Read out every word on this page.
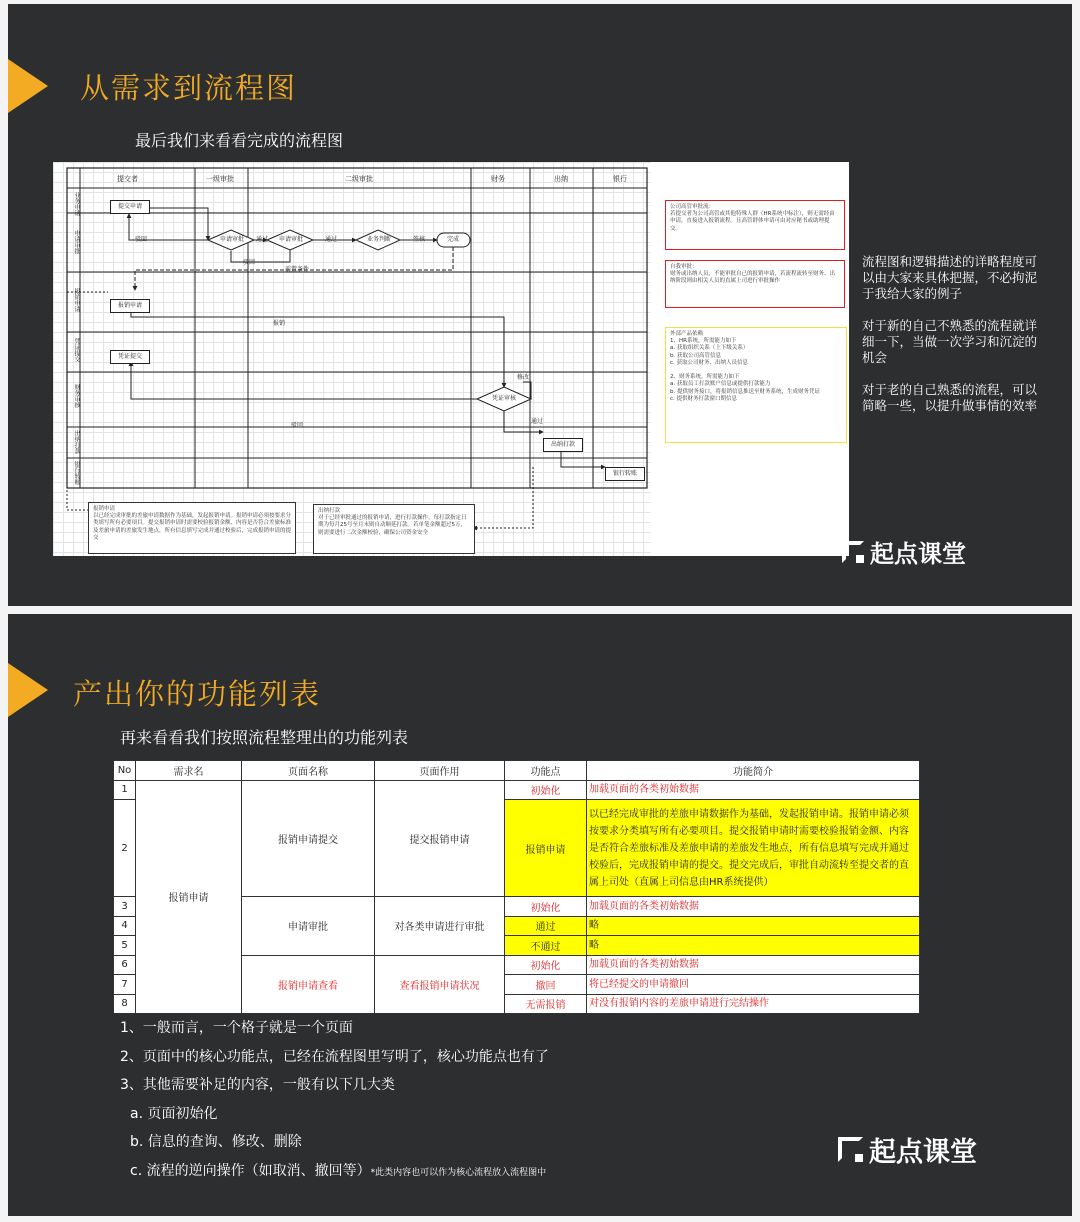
从需求到流程图
最后我们来看看完成的流程图
提交者	一级审批	二级审批	财务	出纳	银行
业务申请
申请审批
报销申请
凭证提交
财务审核
出纳打款
银行转账
提交申请
申请审批	申请审批	业务判断	完成
报销申请
凭证提交
凭证审核
出纳打款
银行转账
驳回	通过	通过	签核
驳回
前置条件
报销
修改
通过
驳回
公司高管审批流：
若提交者为公司高管或其他特殊人群（HR系统中标注），则无需经由申请，直接进入报销流程。且高管群体申请可由对应秘书或助理提交。
自我审批：
财务或出纳人员，不能审批自己的报销申请，若流程流转至财务、出纳阶段则由相关人员的直属上司进行审批操作
外部产品依赖
1、HR系统，所需能力如下
a. 获取组织关系（上下级关系）
b. 获取公司高管信息
c. 获取公司财务、出纳人员信息

2、财务系统，所需能力如下
a. 获取员工打款账户信息或提供打款能力
b. 提供财务接口，将报销信息推送至财务系统，生成财务凭证
c. 提供财务打款窗口期信息
报销申请
以已经完成审批的差旅申请数据作为基础，发起报销申请。报销申请必须按要求分类填写所有必要项目。提交报销申请时需要校验报销金额、内容是否符合差旅标准及差旅申请的差旅发生地点，所有信息填写完成并通过校验后，完成报销申请的提交
出纳打款
对于已经审批通过的报销申请，进行打款操作。每打款指定日期为每月25号至月末则自动顺延打款。若单笔金额超过5万，则需要进行二次金额校验，确保公司资金安全

流程图和逻辑描述的详略程度可以由大家来具体把握，不必拘泥于我给大家的例子

对于新的自己不熟悉的流程就详细一下，当做一次学习和沉淀的机会

对于老的自己熟悉的流程，可以简略一些，以提升做事情的效率

起点课堂
产出你的功能列表
再来看看我们按照流程整理出的功能列表
No	需求名	页面名称	页面作用	功能点	功能简介
1	报销申请	报销申请提交	提交报销申请	初始化	加载页面的各类初始数据
2				报销申请	以已经完成审批的差旅申请数据作为基础，发起报销申请。报销申请必须按要求分类填写所有必要项目。提交报销申请时需要校验报销金额、内容是否符合差旅标准及差旅申请的差旅发生地点，所有信息填写完成并通过校验后，完成报销申请的提交。提交完成后，审批自动流转至提交者的直属上司处（直属上司信息由HR系统提供）
3		申请审批	对各类申请进行审批	初始化	加载页面的各类初始数据
4				通过	略
5				不通过	略
6		报销申请查看	查看报销申请状况	初始化	加载页面的各类初始数据
7				撤回	将已经提交的申请撤回
8				无需报销	对没有报销内容的差旅申请进行完结操作
1、一般而言，一个格子就是一个页面
2、页面中的核心功能点，已经在流程图里写明了，核心功能点也有了
3、其他需要补足的内容，一般有以下几大类
a. 页面初始化
b. 信息的查询、修改、删除
c. 流程的逆向操作（如取消、撤回等）*此类内容也可以作为核心流程放入流程图中
起点课堂
